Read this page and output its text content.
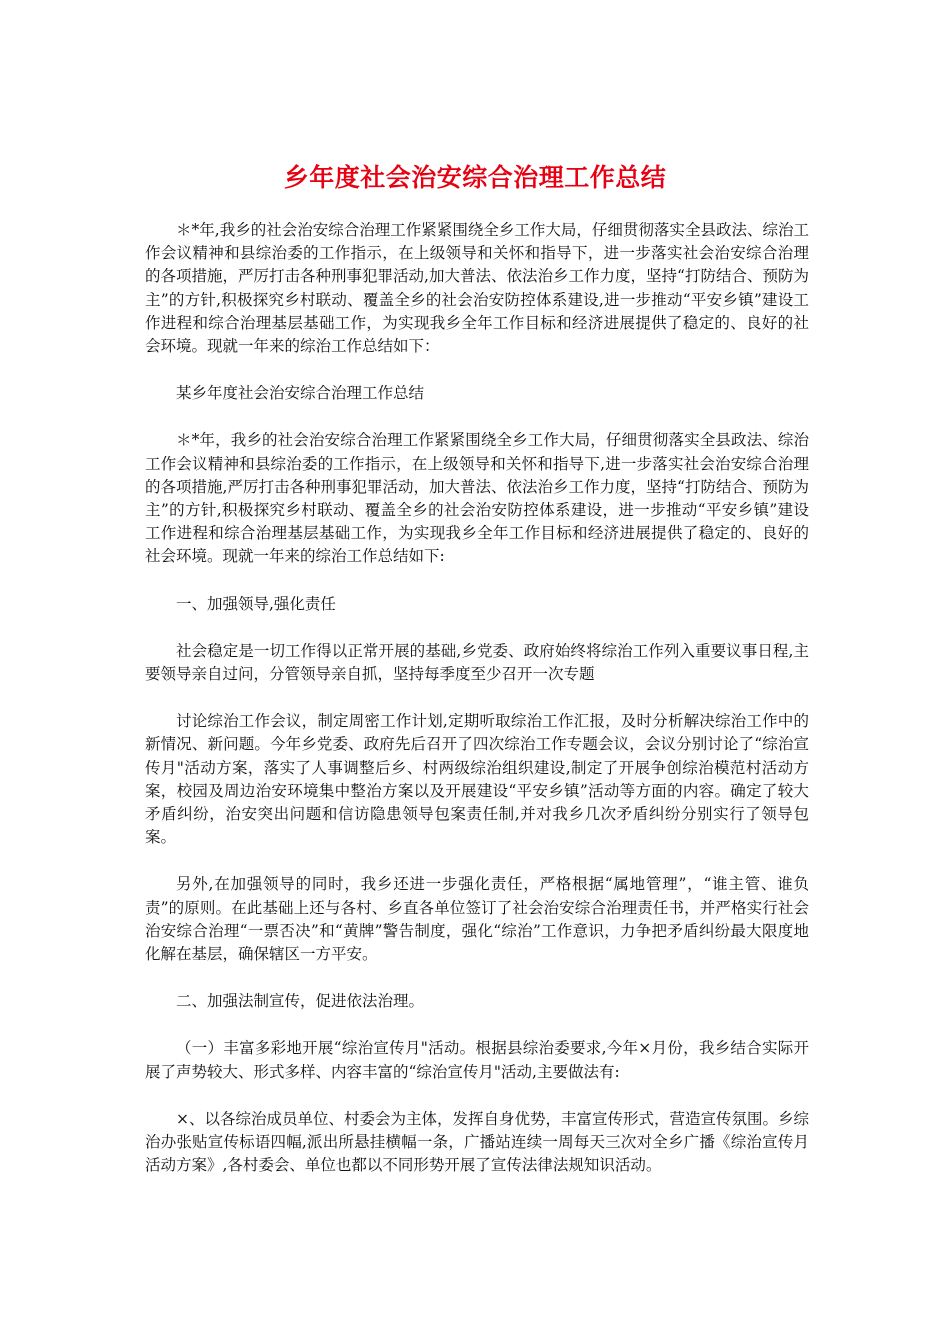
乡年度社会治安综合治理工作总结

＊*年,我乡的社会治安综合治理工作紧紧围绕全乡工作大局，仔细贯彻落实全县政法、综治工作会议精神和县综治委的工作指示，在上级领导和关怀和指导下，进一步落实社会治安综合治理的各项措施，严厉打击各种刑事犯罪活动,加大普法、依法治乡工作力度，坚持“打防结合、预防为主”的方针,积极探究乡村联动、覆盖全乡的社会治安防控体系建设,进一步推动“平安乡镇”建设工作进程和综合治理基层基础工作，为实现我乡全年工作目标和经济进展提供了稳定的、良好的社会环境。现就一年来的综治工作总结如下：

某乡年度社会治安综合治理工作总结

＊*年，我乡的社会治安综合治理工作紧紧围绕全乡工作大局，仔细贯彻落实全县政法、综治工作会议精神和县综治委的工作指示，在上级领导和关怀和指导下,进一步落实社会治安综合治理的各项措施,严厉打击各种刑事犯罪活动，加大普法、依法治乡工作力度，坚持“打防结合、预防为主”的方针,积极探究乡村联动、覆盖全乡的社会治安防控体系建设，进一步推动“平安乡镇”建设工作进程和综合治理基层基础工作，为实现我乡全年工作目标和经济进展提供了稳定的、良好的社会环境。现就一年来的综治工作总结如下:

一、加强领导,强化责任

社会稳定是一切工作得以正常开展的基础,乡党委、政府始终将综治工作列入重要议事日程,主要领导亲自过问，分管领导亲自抓，坚持每季度至少召开一次专题

讨论综治工作会议，制定周密工作计划,定期听取综治工作汇报，及时分析解决综治工作中的新情况、新问题。今年乡党委、政府先后召开了四次综治工作专题会议，会议分别讨论了“综治宣传月"活动方案，落实了人事调整后乡、村两级综治组织建设,制定了开展争创综治模范村活动方案，校园及周边治安环境集中整治方案以及开展建设“平安乡镇”活动等方面的内容。确定了较大矛盾纠纷，治安突出问题和信访隐患领导包案责任制,并对我乡几次矛盾纠纷分别实行了领导包案。

另外,在加强领导的同时，我乡还进一步强化责任，严格根据“属地管理”，“谁主管、谁负责”的原则。在此基础上还与各村、乡直各单位签订了社会治安综合治理责任书，并严格实行社会治安综合治理“一票否决”和“黄牌”警告制度，强化“综治”工作意识，力争把矛盾纠纷最大限度地化解在基层，确保辖区一方平安。

二、加强法制宣传，促进依法治理。

（一）丰富多彩地开展“综治宣传月"活动。根据县综治委要求,今年×月份，我乡结合实际开展了声势较大、形式多样、内容丰富的“综治宣传月"活动,主要做法有:

×、以各综治成员单位、村委会为主体，发挥自身优势，丰富宣传形式，营造宣传氛围。乡综治办张贴宣传标语四幅,派出所悬挂横幅一条，广播站连续一周每天三次对全乡广播《综治宣传月活动方案》,各村委会、单位也都以不同形势开展了宣传法律法规知识活动。
